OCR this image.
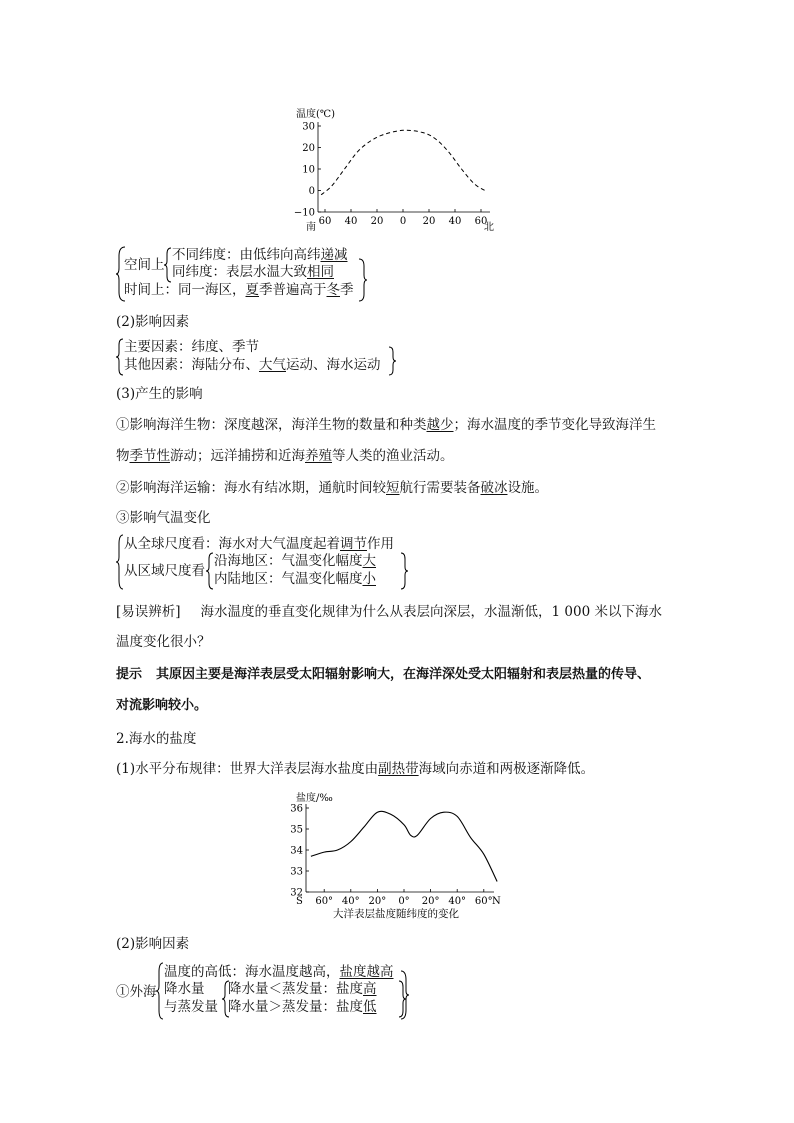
温度(℃)
30
20
10
0
−10
60 40 20 0 20 40 60
南	北
空间上
不同纬度：由低纬向高纬递减
同纬度：表层水温大致相同
时间上：同一海区，夏季普遍高于冬季
(2)影响因素
主要因素：纬度、季节
其他因素：海陆分布、大气运动、海水运动
(3)产生的影响
①影响海洋生物：深度越深，海洋生物的数量和种类越少；海水温度的季节变化导致海洋生
物季节性游动；远洋捕捞和近海养殖等人类的渔业活动。
②影响海洋运输：海水有结冰期，通航时间较短航行需要装备破冰设施。
③影响气温变化
从全球尺度看：海水对大气温度起着调节作用
从区域尺度看
沿海地区：气温变化幅度大
内陆地区：气温变化幅度小
[易误辨析] 海水温度的垂直变化规律为什么从表层向深层，水温渐低，1 000 米以下海水
温度变化很小？
提示 其原因主要是海洋表层受太阳辐射影响大，在海洋深处受太阳辐射和表层热量的传导、
对流影响较小。
2.海水的盐度
(1)水平分布规律：世界大洋表层海水盐度由副热带海域向赤道和两极逐渐降低。
盐度/‰
36
35
34
33
32
60° 40° 20° 0° 20° 40° 60°
S	N
大洋表层盐度随纬度的变化
(2)影响因素
①外海
温度的高低：海水温度越高，盐度越高
降水量
与蒸发量
降水量＜蒸发量：盐度高
降水量＞蒸发量：盐度低
